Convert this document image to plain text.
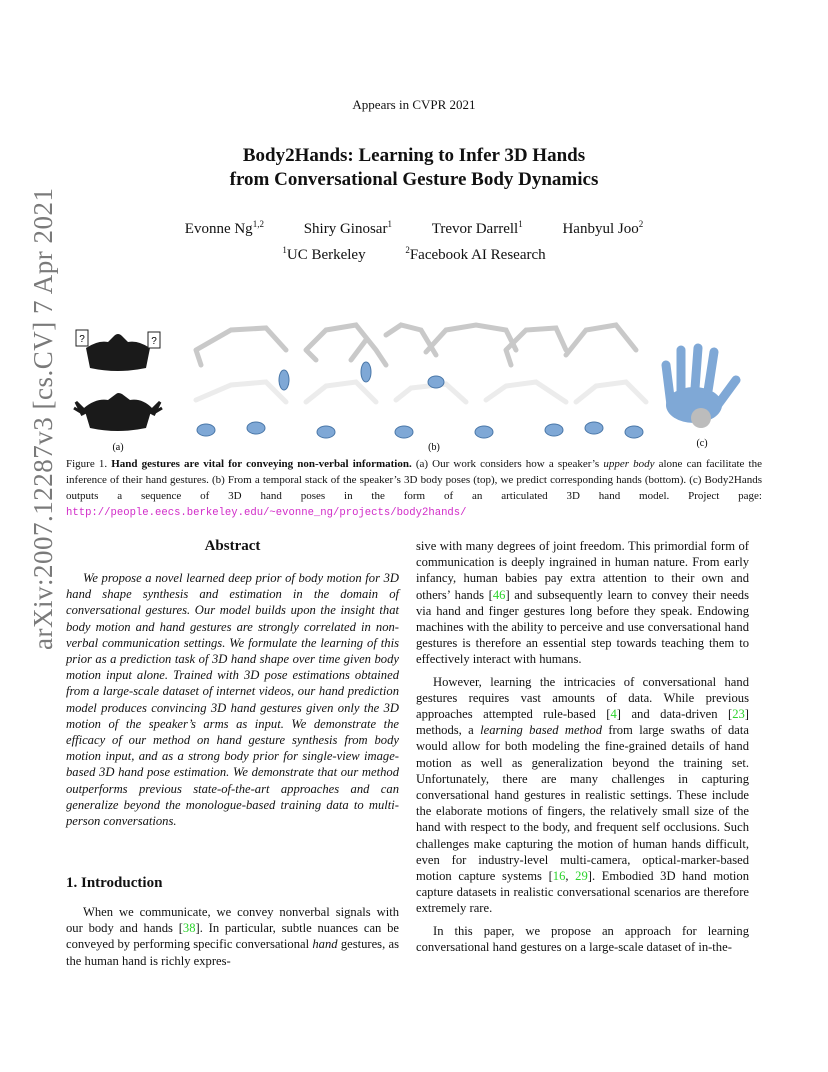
Appears in CVPR 2021
Body2Hands: Learning to Infer 3D Hands
from Conversational Gesture Body Dynamics
Evonne Ng$^{1,2}$	Shiry Ginosar$^1$	Trevor Darrell$^1$	Hanbyul Joo$^2$
$^1$UC Berkeley	$^2$Facebook AI Research
arXiv:2007.12287v3 [cs.CV] 7 Apr 2021	?	?
(a)	(b)	(c)
Figure 1. Hand gestures are vital for conveying non-verbal information. (a) Our work considers how a speaker’s upper body alone can facilitate the inference of their hand gestures. (b) From a temporal stack of the speaker’s 3D body poses (top), we predict corresponding hands (bottom). (c) Body2Hands outputs a sequence of 3D hand poses in the form of an articulated 3D hand model. Project page: http://people.eecs.berkeley.edu/~evonne_ng/projects/body2hands/
Abstract

We propose a novel learned deep prior of body motion for 3D hand shape synthesis and estimation in the domain of conversational gestures. Our model builds upon the insight that body motion and hand gestures are strongly correlated in non-verbal communication settings. We formulate the learning of this prior as a prediction task of 3D hand shape over time given body motion input alone. Trained with 3D pose estimations obtained from a large-scale dataset of internet videos, our hand prediction model produces convincing 3D hand gestures given only the 3D motion of the speaker’s arms as input. We demonstrate the efficacy of our method on hand gesture synthesis from body motion input, and as a strong body prior for single-view image-based 3D hand pose estimation. We demonstrate that our method outperforms previous state-of-the-art approaches and can generalize beyond the monologue-based training data to multi-person conversations.

1. Introduction

When we communicate, we convey nonverbal signals with our body and hands [38]. In particular, subtle nuances can be conveyed by performing specific conversational hand gestures, as the human hand is richly expres-

sive with many degrees of joint freedom. This primordial form of communication is deeply ingrained in human nature. From early infancy, human babies pay extra attention to their own and others’ hands [46] and subsequently learn to convey their needs via hand and finger gestures long before they speak. Endowing machines with the ability to perceive and use conversational hand gestures is therefore an essential step towards teaching them to effectively interact with humans.

However, learning the intricacies of conversational hand gestures requires vast amounts of data. While previous approaches attempted rule-based [4] and data-driven [23] methods, a learning based method from large swaths of data would allow for both modeling the fine-grained details of hand motion as well as generalization beyond the training set. Unfortunately, there are many challenges in capturing conversational hand gestures in realistic settings. These include the elaborate motions of fingers, the relatively small size of the hand with respect to the body, and frequent self occlusions. Such challenges make capturing the motion of human hands difficult, even for industry-level multi-camera, optical-marker-based motion capture systems [16, 29]. Embodied 3D hand motion capture datasets in realistic conversational scenarios are therefore extremely rare.

In this paper, we propose an approach for learning conversational hand gestures on a large-scale dataset of in-the-
